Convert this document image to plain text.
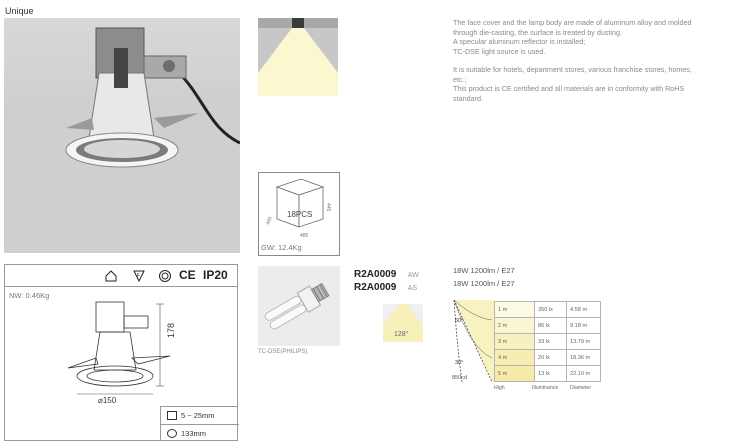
Unique

The face cover and the lamp body are made of aluminum alloy and molded

through die-casting, the surface is treated by dusting.

A specular aluminum reflector is installed;

TC-DSE light source is used.

It is suitable for hotels, department stores, various franchise stores, homes,

etc.;

This product is CE certified and all materials are in conformity with RoHS

standard.

18PCS
485
485
445
GW: 12.4Kg
F	CE IP20
NW: 0.46Kg
178
⌀150
5 ~ 25mm
133mm
TC-DSE(PHILIPS)
R2A0009 AW
18W 1200lm / E27
R2A0009 AS
18W 1200lm / E27
128°
60°
30°
850cd
1 m	350 lx	4.58 m
2 m	86 lx	9.18 m
3 m	33 lx	13.79 m
4 m	20 lx	18.36 m
5 m	13 lx	22.10 m
High	Illuminance Diameter
